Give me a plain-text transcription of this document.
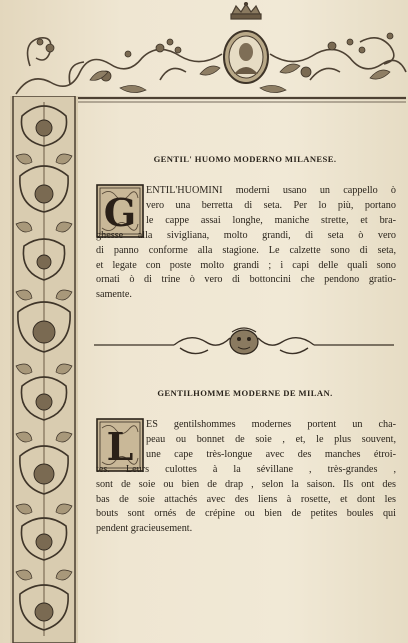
GENTIL' HUOMO MODERNO MILANESE.
G ENTIL'HUOMINI moderni usano un cappello ò
vero una berretta di seta. Per lo più, portano
le cappe assai longhe, maniche strette, et bra-
ghesse alla sivigliana, molto grandi, di seta ò vero
di panno conforme alla stagione. Le calzette sono di seta,
et legate con poste molto grandi ; i capi delle quali sono
ornati ò di trine ò vero di bottoncini che pendono gratio-
samente.
GENTILHOMME MODERNE DE MILAN.
L	ES gentilshommes modernes portent un cha-
peau ou bonnet de soie , et, le plus souvent,
une cape très-longue avec des manches étroi-
tes. Leurs culottes à la sévillane , très-grandes ,
sont de soie ou bien de drap , selon la saison. Ils ont des
bas de soie attachés avec des liens à rosette, et dont les
bouts sont ornés de crépine ou bien de petites boules qui
pendent gracieusement.
